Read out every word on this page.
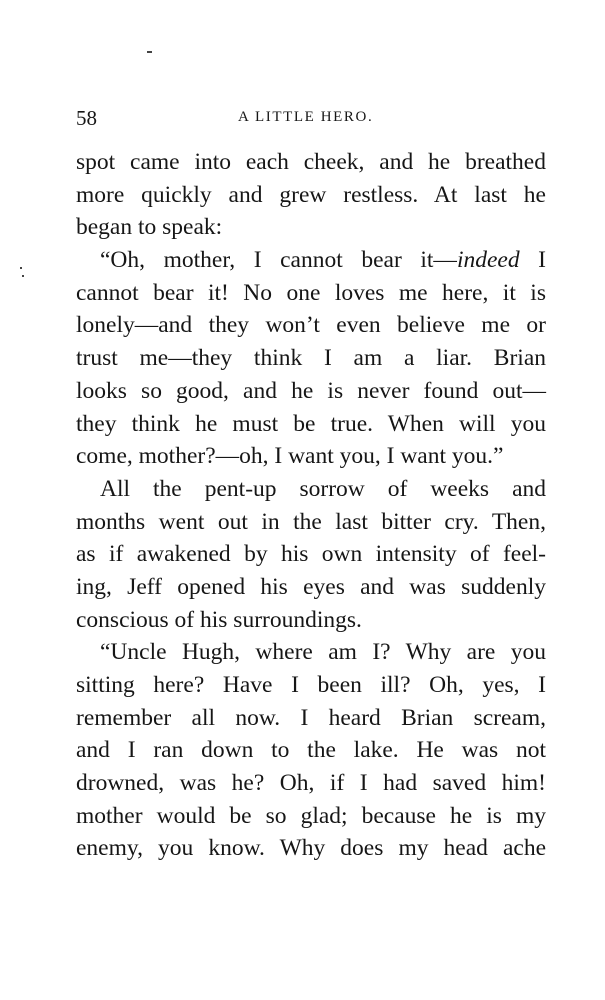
58	A LITTLE HERO.
spot came into each cheek, and he breathed
more quickly and grew restless. At last he
began to speak:
“Oh, mother, I cannot bear it—indeed I
cannot bear it! No one loves me here, it is
lonely—and they won’t even believe me or
trust me—they think I am a liar. Brian
looks so good, and he is never found out—
they think he must be true. When will you
come, mother?—oh, I want you, I want you.”
All the pent-up sorrow of weeks and
months went out in the last bitter cry. Then,
as if awakened by his own intensity of feel-
ing, Jeff opened his eyes and was suddenly
conscious of his surroundings.
“Uncle Hugh, where am I? Why are you
sitting here? Have I been ill? Oh, yes, I
remember all now. I heard Brian scream,
and I ran down to the lake. He was not
drowned, was he? Oh, if I had saved him!
mother would be so glad; because he is my
enemy, you know. Why does my head ache
